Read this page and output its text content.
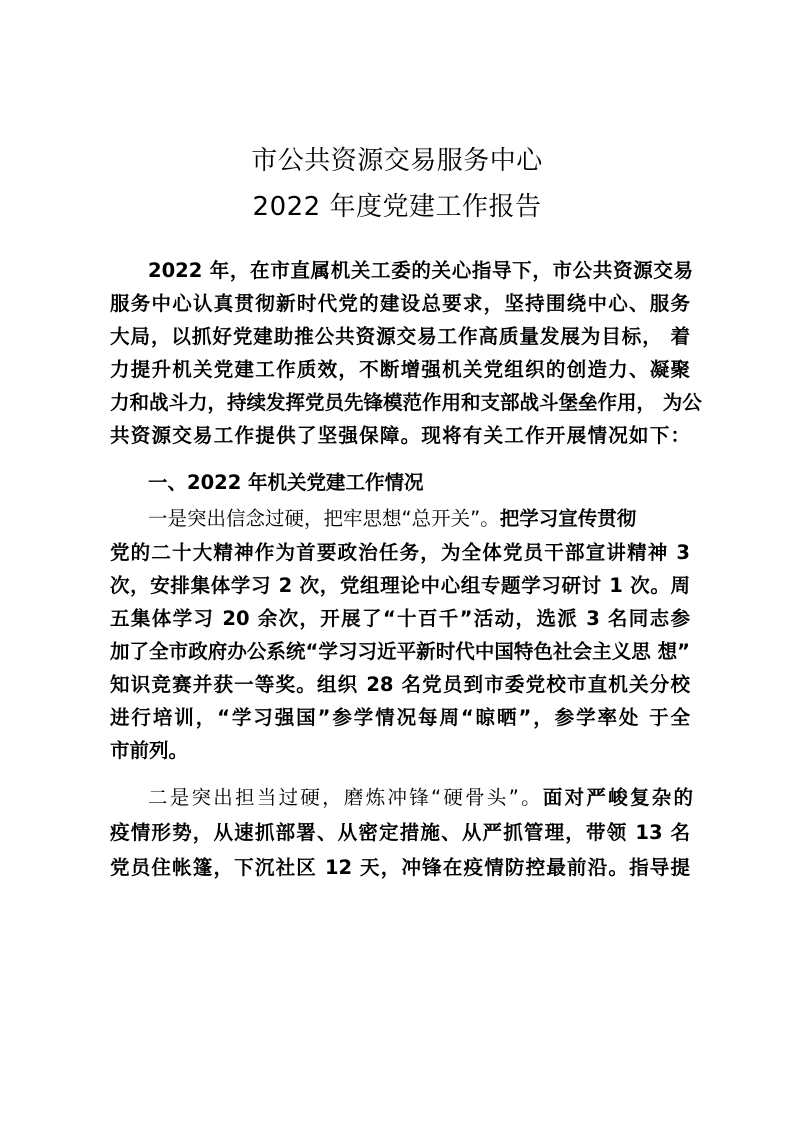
市公共资源交易服务中心
2022 年度党建工作报告
2022 年，在市直属机关工委的关心指导下，市公共资源交易
服务中心认真贯彻新时代党的建设总要求，坚持围绕中心、服务
大局，以抓好党建助推公共资源交易工作高质量发展为目标， 着
力提升机关党建工作质效，不断增强机关党组织的创造力、凝聚
力和战斗力，持续发挥党员先锋模范作用和支部战斗堡垒作用， 为公
共资源交易工作提供了坚强保障。现将有关工作开展情况如下：
一、2022 年机关党建工作情况
一是突出信念过硬，把牢思想“总开关”。把学习宣传贯彻
党的二十大精神作为首要政治任务，为全体党员干部宣讲精神 3
次，安排集体学习 2 次，党组理论中心组专题学习研讨 1 次。周
五集体学习 20 余次，开展了“十百千”活动，选派 3 名同志参
加了全市政府办公系统“学习习近平新时代中国特色社会主义思 想”
知识竞赛并获一等奖。组织 28 名党员到市委党校市直机关分校
进行培训，“学习强国”参学情况每周“晾晒”，参学率处 于全
市前列。
二是突出担当过硬，磨炼冲锋“硬骨头”。面对严峻复杂的
疫情形势，从速抓部署、从密定措施、从严抓管理，带领 13 名
党员住帐篷，下沉社区 12 天，冲锋在疫情防控最前沿。指导提
